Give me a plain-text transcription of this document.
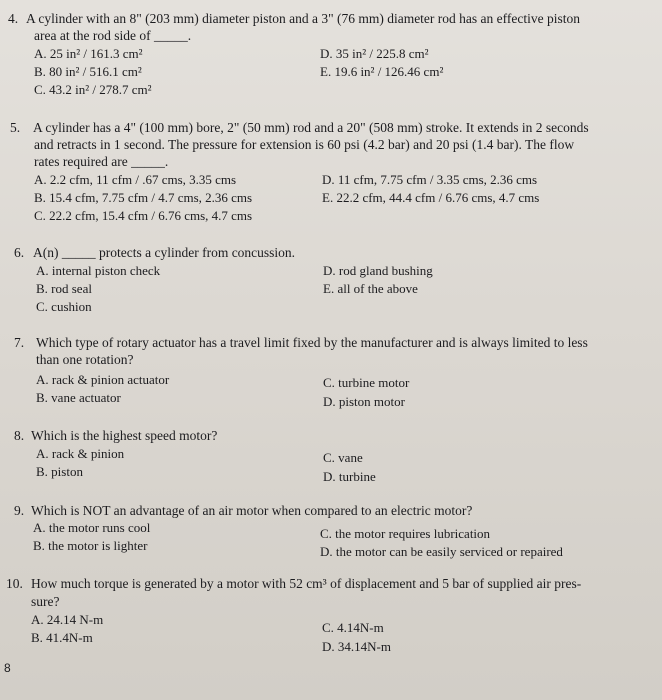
4. A cylinder with an 8" (203 mm) diameter piston and a 3" (76 mm) diameter rod has an effective piston
area at the rod side of _____.
A. 25 in² / 161.3 cm²
B. 80 in² / 516.1 cm²
C. 43.2 in² / 278.7 cm²
D. 35 in² / 225.8 cm²
E. 19.6 in² / 126.46 cm²
5. A cylinder has a 4" (100 mm) bore, 2" (50 mm) rod and a 20" (508 mm) stroke. It extends in 2 seconds
and retracts in 1 second. The pressure for extension is 60 psi (4.2 bar) and 20 psi (1.4 bar). The flow
rates required are _____.
A. 2.2 cfm, 11 cfm / .67 cms, 3.35 cms
B. 15.4 cfm, 7.75 cfm / 4.7 cms, 2.36 cms
C. 22.2 cfm, 15.4 cfm / 6.76 cms, 4.7 cms
D. 11 cfm, 7.75 cfm / 3.35 cms, 2.36 cms
E. 22.2 cfm, 44.4 cfm / 6.76 cms, 4.7 cms
6. A(n) _____ protects a cylinder from concussion.
A. internal piston check
B. rod seal
C. cushion
D. rod gland bushing
E. all of the above
7. Which type of rotary actuator has a travel limit fixed by the manufacturer and is always limited to less
than one rotation?
A. rack & pinion actuator
B. vane actuator
C. turbine motor
D. piston motor
8. Which is the highest speed motor?
A. rack & pinion
B. piston
C. vane
D. turbine
9. Which is NOT an advantage of an air motor when compared to an electric motor?
A. the motor runs cool
B. the motor is lighter
C. the motor requires lubrication
D. the motor can be easily serviced or repaired
10. How much torque is generated by a motor with 52 cm³ of displacement and 5 bar of supplied air pres-
sure?
A. 24.14 N-m
B. 41.4N-m
C. 4.14N-m
D. 34.14N-m
8
